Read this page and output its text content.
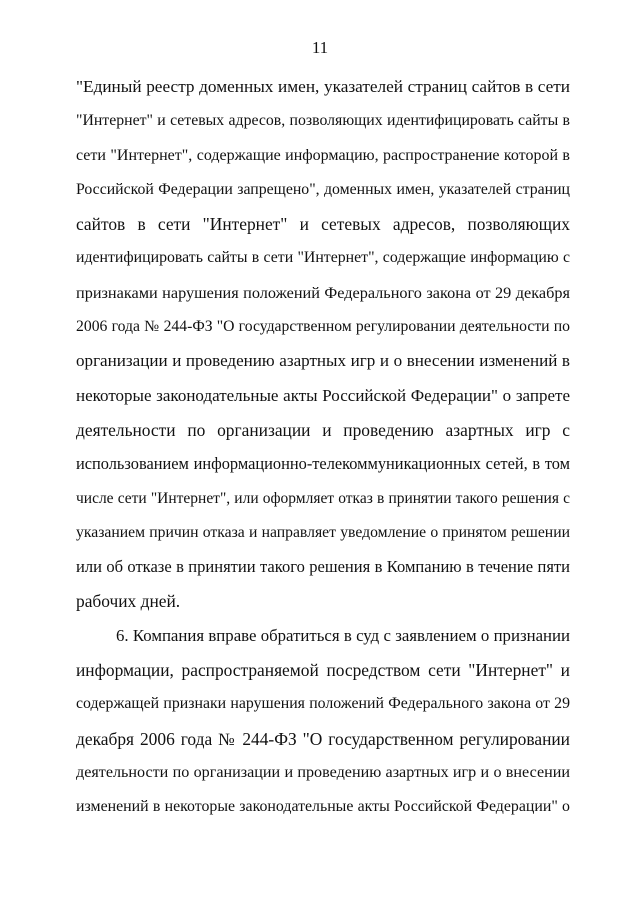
11
"Единый реестр доменных имен, указателей страниц сайтов в сети
"Интернет" и сетевых адресов, позволяющих идентифицировать сайты в
сети "Интернет", содержащие информацию, распространение которой в
Российской Федерации запрещено", доменных имен, указателей страниц
сайтов в сети "Интернет" и сетевых адресов, позволяющих
идентифицировать сайты в сети "Интернет", содержащие информацию с
признаками нарушения положений Федерального закона от 29 декабря
2006 года № 244-ФЗ "О государственном регулировании деятельности по
организации и проведению азартных игр и о внесении изменений в
некоторые законодательные акты Российской Федерации" о запрете
деятельности по организации и проведению азартных игр с
использованием информационно-телекоммуникационных сетей, в том
числе сети "Интернет", или оформляет отказ в принятии такого решения с
указанием причин отказа и направляет уведомление о принятом решении
или об отказе в принятии такого решения в Компанию в течение пяти
рабочих дней.
6. Компания вправе обратиться в суд с заявлением о признании
информации, распространяемой посредством сети "Интернет" и
содержащей признаки нарушения положений Федерального закона от 29
декабря 2006 года № 244-ФЗ "О государственном регулировании
деятельности по организации и проведению азартных игр и о внесении
изменений в некоторые законодательные акты Российской Федерации" о
